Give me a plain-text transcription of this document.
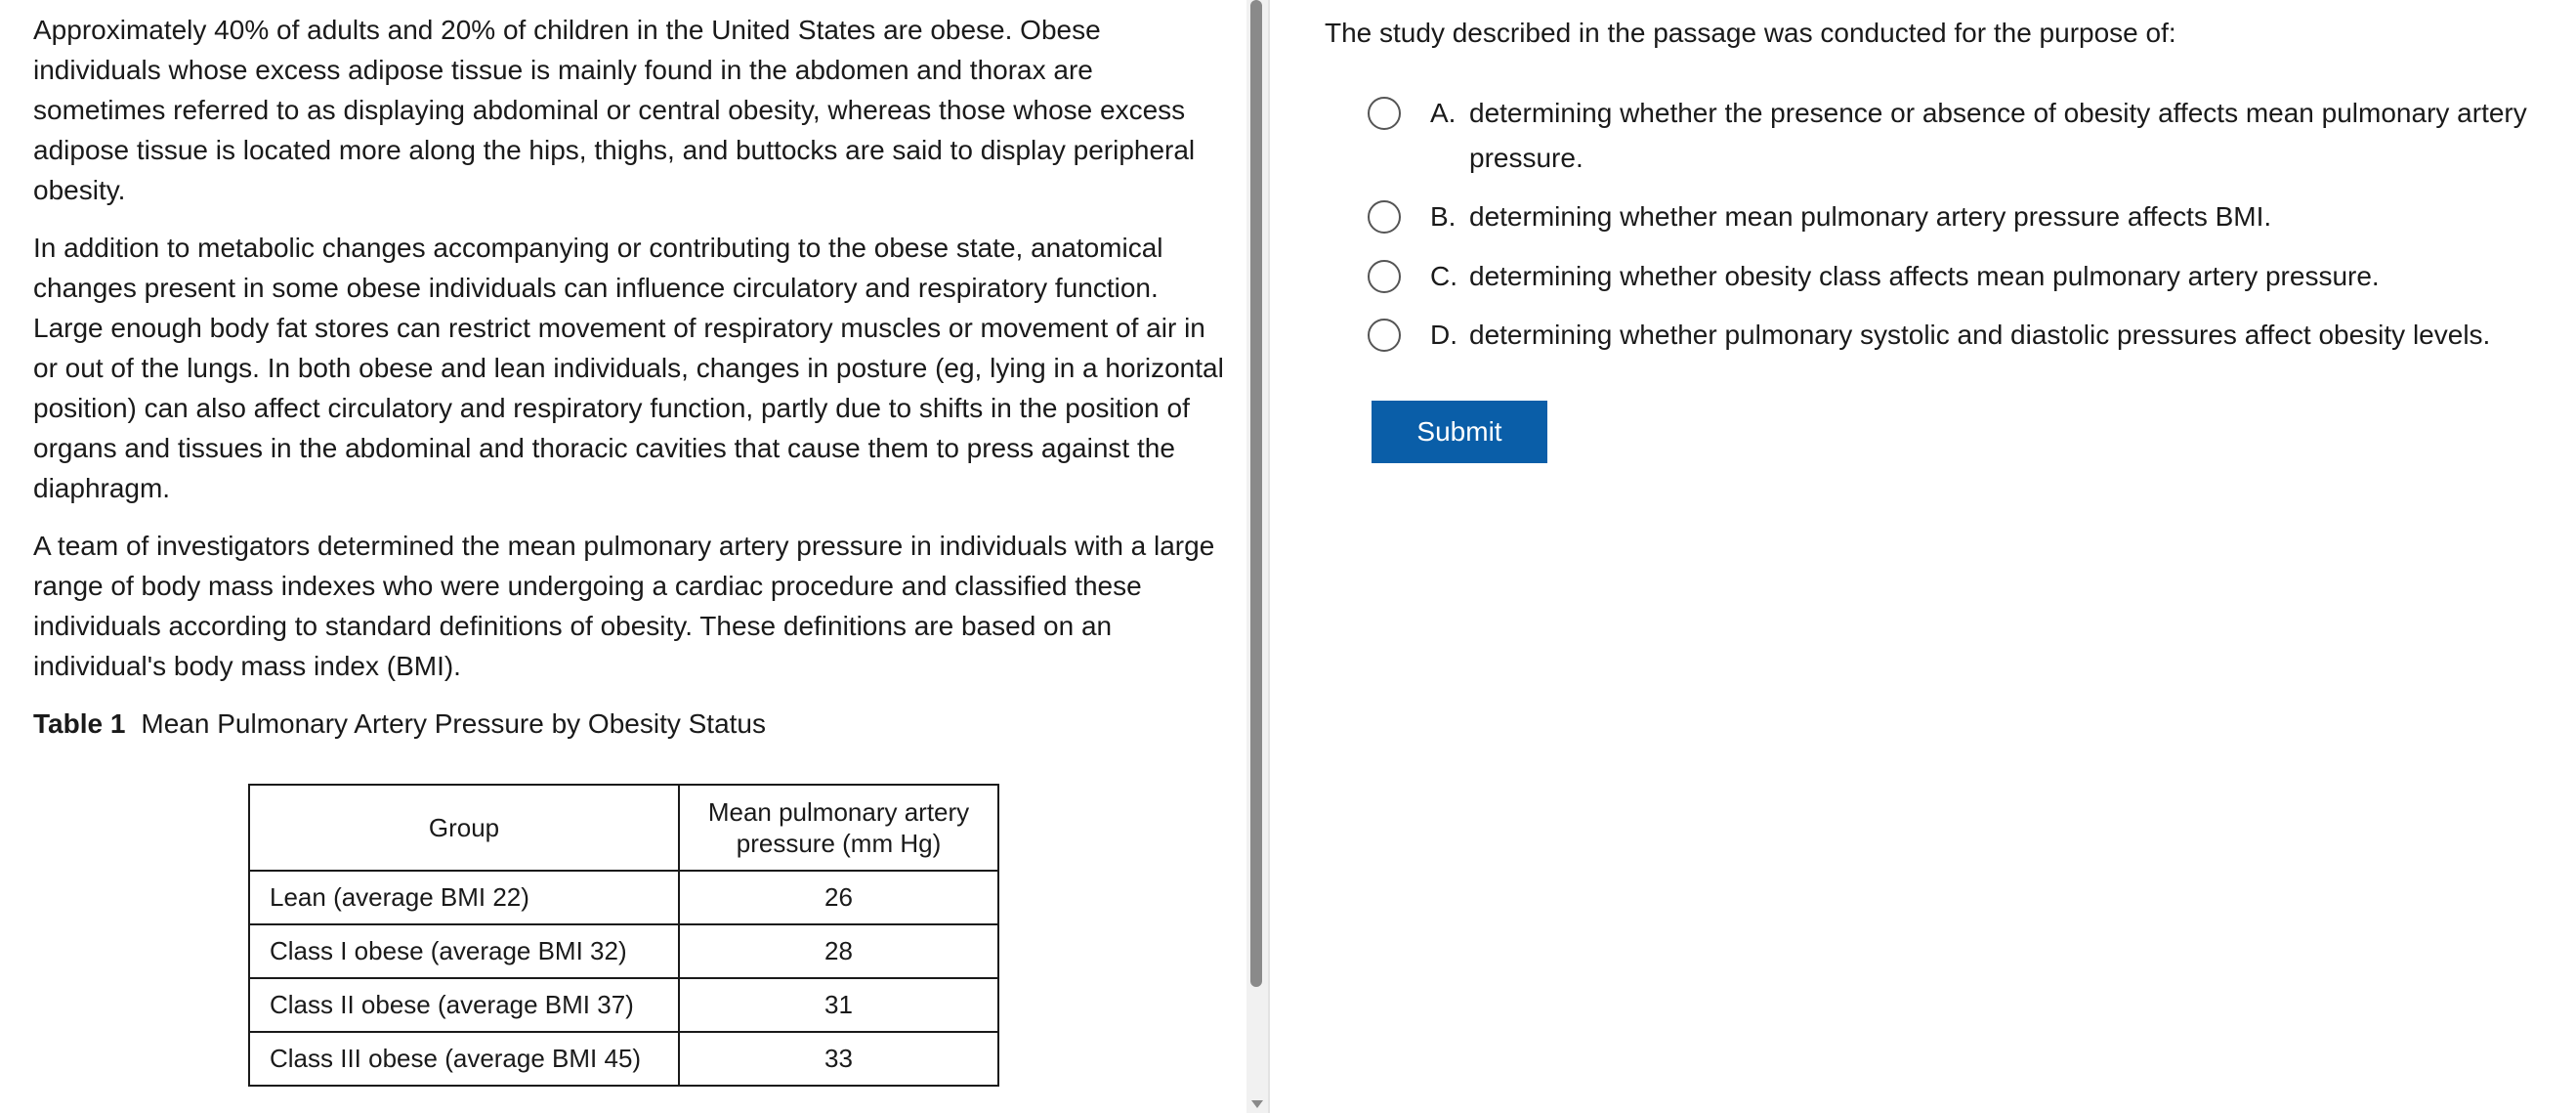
Approximately 40% of adults and 20% of children in the United States are obese. Obese individuals whose excess adipose tissue is mainly found in the abdomen and thorax are sometimes referred to as displaying abdominal or central obesity, whereas those whose excess adipose tissue is located more along the hips, thighs, and buttocks are said to display peripheral obesity.

In addition to metabolic changes accompanying or contributing to the obese state, anatomical changes present in some obese individuals can influence circulatory and respiratory function. Large enough body fat stores can restrict movement of respiratory muscles or movement of air in or out of the lungs. In both obese and lean individuals, changes in posture (eg, lying in a horizontal position) can also affect circulatory and respiratory function, partly due to shifts in the position of organs and tissues in the abdominal and thoracic cavities that cause them to press against the diaphragm.

A team of investigators determined the mean pulmonary artery pressure in individuals with a large range of body mass indexes who were undergoing a cardiac procedure and classified these individuals according to standard definitions of obesity. These definitions are based on an individual's body mass index (BMI).

Table 1 Mean Pulmonary Artery Pressure by Obesity Status

Group	Mean pulmonary artery pressure (mm Hg)
Lean (average BMI 22)	26
Class I obese (average BMI 32)	28
Class II obese (average BMI 37)	31
Class III obese (average BMI 45)	33

The study described in the passage was conducted for the purpose of:

A. determining whether the presence or absence of obesity affects mean pulmonary artery pressure.
B. determining whether mean pulmonary artery pressure affects BMI.
C. determining whether obesity class affects mean pulmonary artery pressure.
D. determining whether pulmonary systolic and diastolic pressures affect obesity levels.
Submit
